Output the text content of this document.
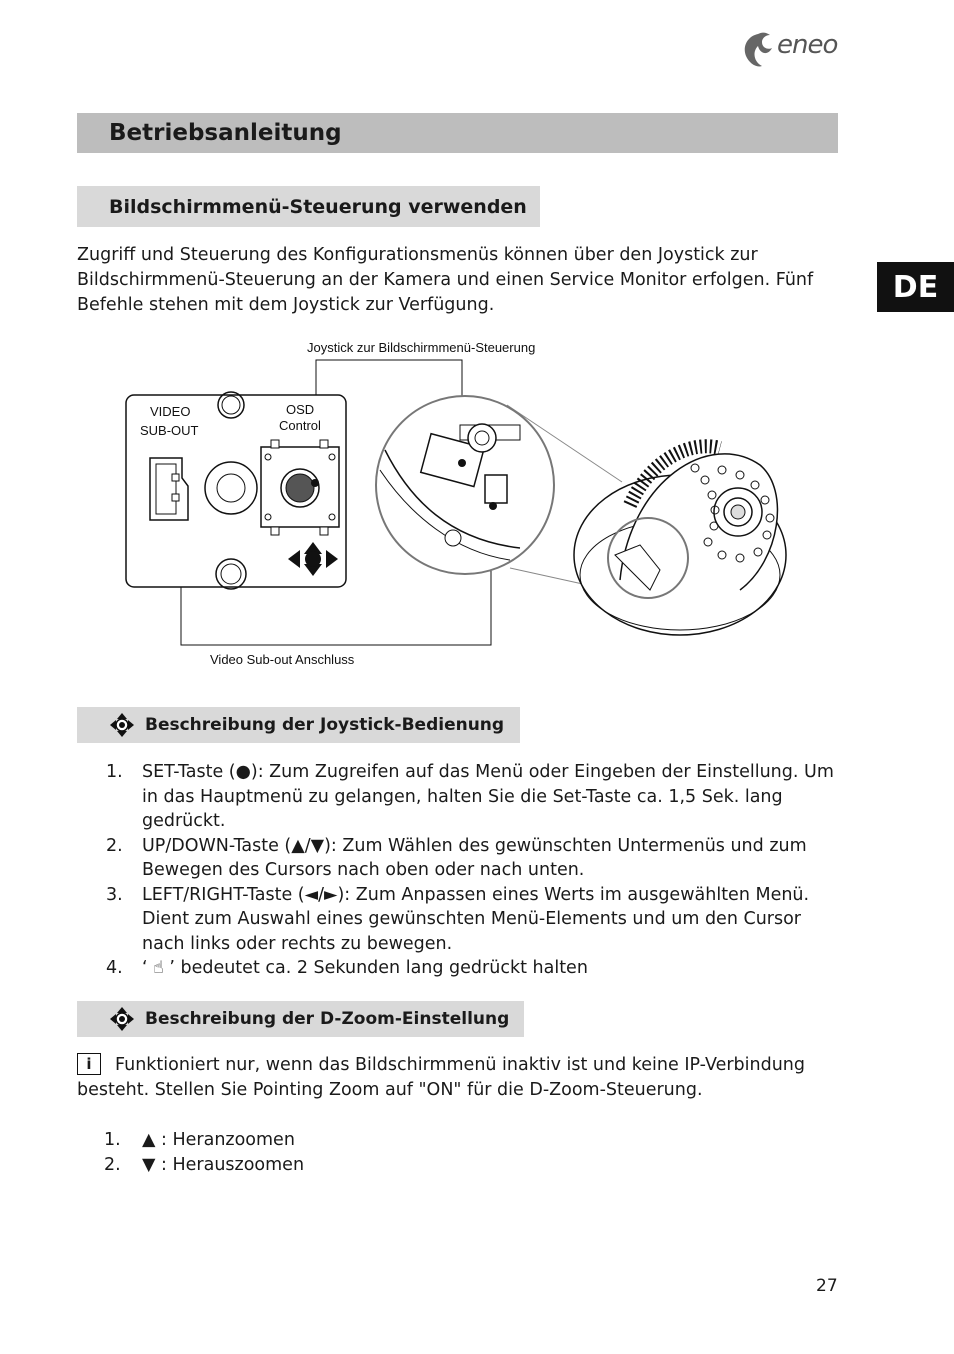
eneo
DE
Betriebsanleitung
Bildschirmmenü-Steuerung verwenden

Zugriff und Steuerung des Konfigurationsmenüs können über den Joystick zur Bildschirmmenü-Steuerung an der Kamera und einen Service Monitor erfolgen. Fünf Befehle stehen mit dem Joystick zur Verfügung.

Joystick zur Bildschirmmenü-Steuerung
Video Sub-out Anschluss
VIDEO
SUB-OUT
OSD
Control
Beschreibung der Joystick-Bedienung
1. SET-Taste (●): Zum Zugreifen auf das Menü oder Eingeben der Einstellung. Um in das Hauptmenü zu gelangen, halten Sie die Set-Taste ca. 1,5 Sek. lang gedrückt.
2. UP/DOWN-Taste (▲/▼): Zum Wählen des gewünschten Untermenüs und zum Bewegen des Cursors nach oben oder nach unten.
3. LEFT/RIGHT-Taste (◄/►): Zum Anpassen eines Werts im ausgewählten Menü. Dient zum Auswahl eines gewünschten Menü-Elements und um den Cursor nach links oder rechts zu bewegen.
4. ‘ ☝ ’ bedeutet ca. 2 Sekunden lang gedrückt halten
Beschreibung der D-Zoom-Einstellung

i Funktioniert nur, wenn das Bildschirmmenü inaktiv ist und keine IP-Verbindung besteht. Stellen Sie Pointing Zoom auf "ON" für die D-Zoom-Steuerung.

1. ▲ : Heranzoomen
2. ▼ : Herauszoomen
27
